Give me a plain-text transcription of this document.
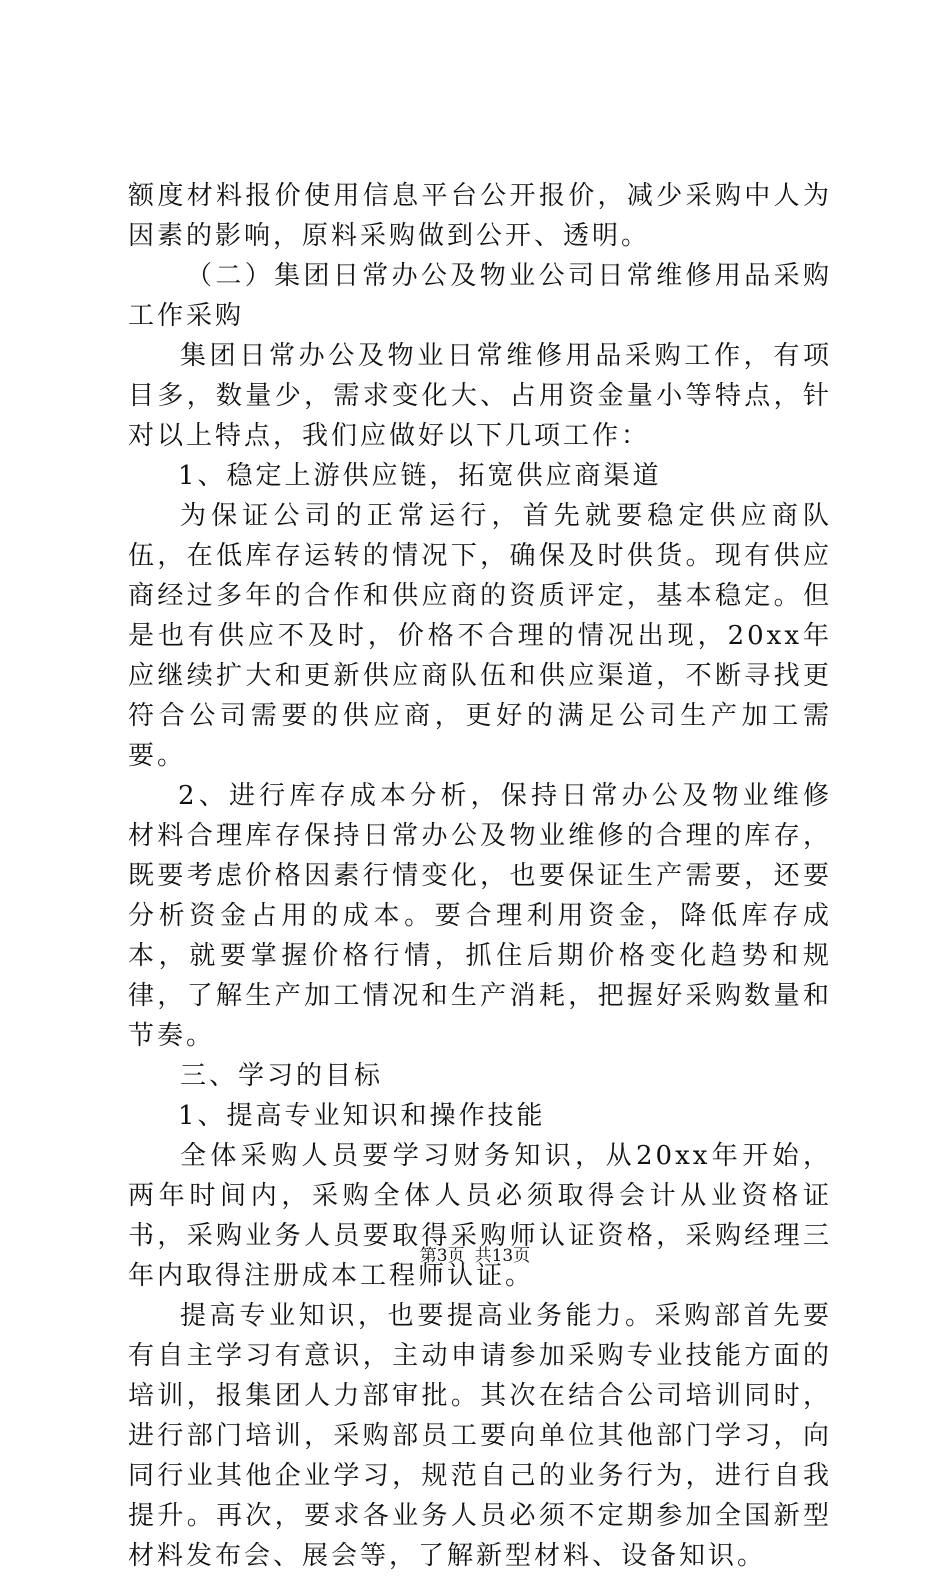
额度材料报价使用信息平台公开报价，减少采购中人为因素的影响，原料采购做到公开、透明。

（二）集团日常办公及物业公司日常维修用品采购工作采购

集团日常办公及物业日常维修用品采购工作，有项目多，数量少，需求变化大、占用资金量小等特点，针对以上特点，我们应做好以下几项工作：

1、稳定上游供应链，拓宽供应商渠道

为保证公司的正常运行，首先就要稳定供应商队伍，在低库存运转的情况下，确保及时供货。现有供应商经过多年的合作和供应商的资质评定，基本稳定。但是也有供应不及时，价格不合理的情况出现，20xx年应继续扩大和更新供应商队伍和供应渠道，不断寻找更符合公司需要的供应商，更好的满足公司生产加工需要。

2、进行库存成本分析，保持日常办公及物业维修材料合理库存保持日常办公及物业维修的合理的库存，既要考虑价格因素行情变化，也要保证生产需要，还要分析资金占用的成本。要合理利用资金，降低库存成本，就要掌握价格行情，抓住后期价格变化趋势和规律，了解生产加工情况和生产消耗，把握好采购数量和节奏。

三、学习的目标

1、提高专业知识和操作技能

全体采购人员要学习财务知识，从20xx年开始，两年时间内，采购全体人员必须取得会计从业资格证书，采购业务人员要取得采购师认证资格，采购经理三年内取得注册成本工程师认证。

提高专业知识，也要提高业务能力。采购部首先要有自主学习有意识，主动申请参加采购专业技能方面的培训，报集团人力部审批。其次在结合公司培训同时，进行部门培训，采购部员工要向单位其他部门学习，向同行业其他企业学习，规范自己的业务行为，进行自我提升。再次，要求各业务人员必须不定期参加全国新型材料发布会、展会等，了解新型材料、设备知识。

第3页 共13页
